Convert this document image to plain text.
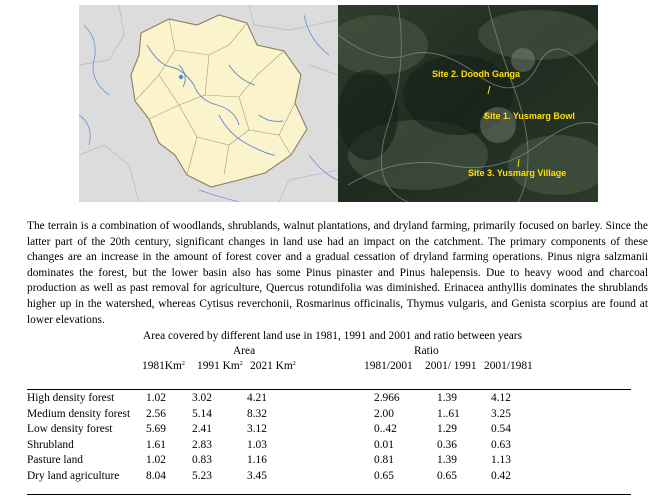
Site 2. Doodh Ganga
Site 1. Yusmarg Bowl
Site 3. Yusmarg Village
The terrain is a combination of woodlands, shrublands, walnut plantations, and dryland farming, primarily focused on barley. Since the latter part of the 20th century, significant changes in land use had an impact on the catchment. The primary components of these changes are an increase in the amount of forest cover and a gradual cessation of dryland farming operations. Pinus nigra salzmanii dominates the forest, but the lower basin also has some Pinus pinaster and Pinus halepensis. Due to heavy wood and charcoal production as well as past removal for agriculture, Quercus rotundifolia was diminished. Erinacea anthyllis dominates the shrublands higher up in the watershed, whereas Cytisus reverchonii, Rosmarinus officinalis, Thymus vulgaris, and Genista scorpius are found at lower elevations.
Area covered by different land use in 1981, 1991 and 2001 and ratio between years
Area	Ratio
1981Km$^2$ 1991 Km$^2$ 2021 Km$^2$	1981/2001 2001/ 1991 2001/1981
High density forest	1.02 3.02	4.21	2.966	1.39	4.12
Medium density forest 2.56 5.14	8.32	2.00	1..61	3.25
Low density forest	5.69 2.41	3.12	0..42	1.29	0.54
Shrubland	1.61 2.83	1.03	0.01	0.36	0.63
Pasture land	1.02 0.83	1.16	0.81	1.39	1.13
Dry land agriculture 8.04 5.23	3.45	0.65	0.65	0.42
